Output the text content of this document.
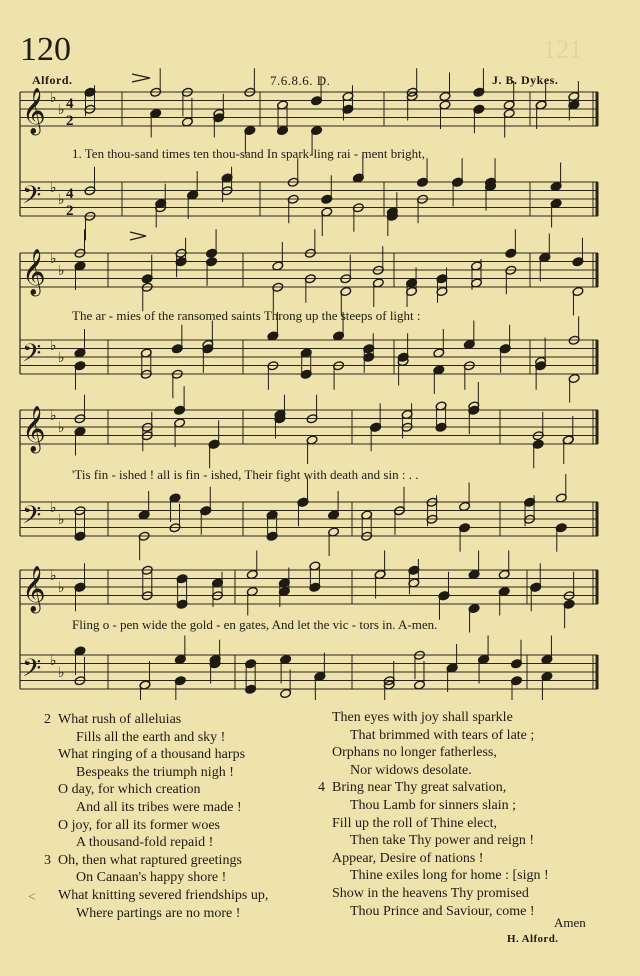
120	121
Alford.	7.6.8.6. D.	J. B. Dykes.
𝄞 ♭
♭ 4
2
𝄢 ♭
♭ 4
2
𝄞 ♭
♭
𝄢 ♭
♭
𝄞 ♭
♭
𝄢 ♭
♭
𝄞 ♭
♭
𝄢 ♭
♭
1. Ten thou-sand times ten thou-sand In spark-ling rai - ment bright,
The ar - mies of the ransomed saints Throng up the steeps of light :
'Tis fin - ished ! all is fin - ished, Their fight with death and sin : . .
Fling o - pen wide the gold - en gates, And let the vic - tors in. A-men.
2 What rush of alleluias
Fills all the earth and sky !
What ringing of a thousand harps
Bespeaks the triumph nigh !
O day, for which creation
And all its tribes were made !
O joy, for all its former woes
A thousand-fold repaid !
3 Oh, then what raptured greetings
On Canaan's happy shore !
What knitting severed friendships up,
Where partings are no more !
Then eyes with joy shall sparkle
That brimmed with tears of late ;
Orphans no longer fatherless,
Nor widows desolate.
4 Bring near Thy great salvation,
Thou Lamb for sinners slain ;
Fill up the roll of Thine elect,
Then take Thy power and reign !
Appear, Desire of nations !
Thine exiles long for home : [sign !
Show in the heavens Thy promised
Thou Prince and Saviour, come !
Amen
H. Alford.
<
